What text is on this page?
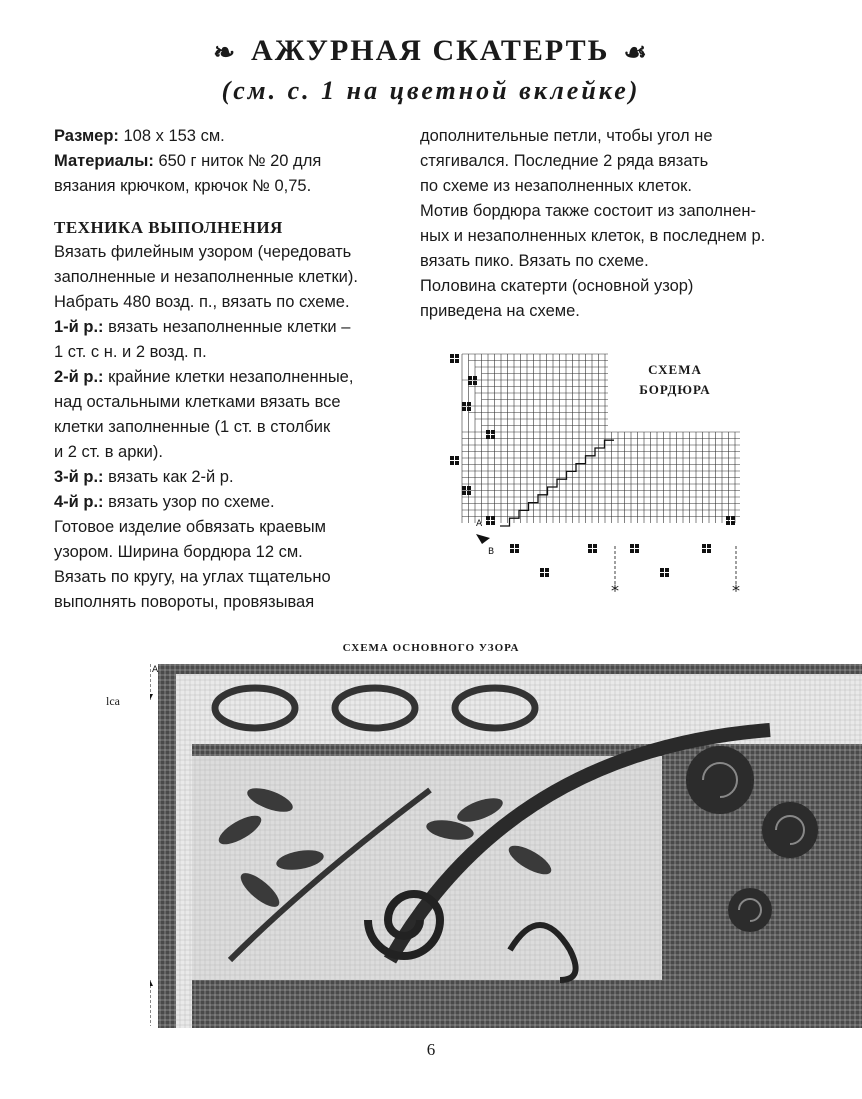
❧ АЖУРНАЯ СКАТЕРТЬ ☙
(см. с. 1 на цветной вклейке)

Размер: 108 х 153 см.

Материалы: 650 г ниток № 20 для

вязания крючком, крючок № 0,75.

ТЕХНИКА ВЫПОЛНЕНИЯ

Вязать филейным узором (чередовать

заполненные и незаполненные клетки).

Набрать 480 возд. п., вязать по схеме.

1-й р.: вязать незаполненные клетки –

1 ст. с н. и 2 возд. п.

2-й р.: крайние клетки незаполненные,

над остальными клетками вязать все

клетки заполненные (1 ст. в столбик

и 2 ст. в арки).

3-й р.: вязать как 2-й р.

4-й р.: вязать узор по схеме.

Готовое изделие обвязать краевым

узором. Ширина бордюра 12 см.

Вязать по кругу, на углах тщательно

выполнять повороты, провязывая

дополнительные петли, чтобы угол не

стягивался. Последние 2 ряда вязать

по схеме из незаполненных клеток.

Мотив бордюра также состоит из заполнен-

ных и незаполненных клеток, в последнем р.

вязать пико. Вязать по схеме.

Половина скатерти (основной узор)

приведена на схеме.

*	*
A
B
СХЕМА
БОРДЮРА
СХЕМА ОСНОВНОГО УЗОРА
lca
A
6
